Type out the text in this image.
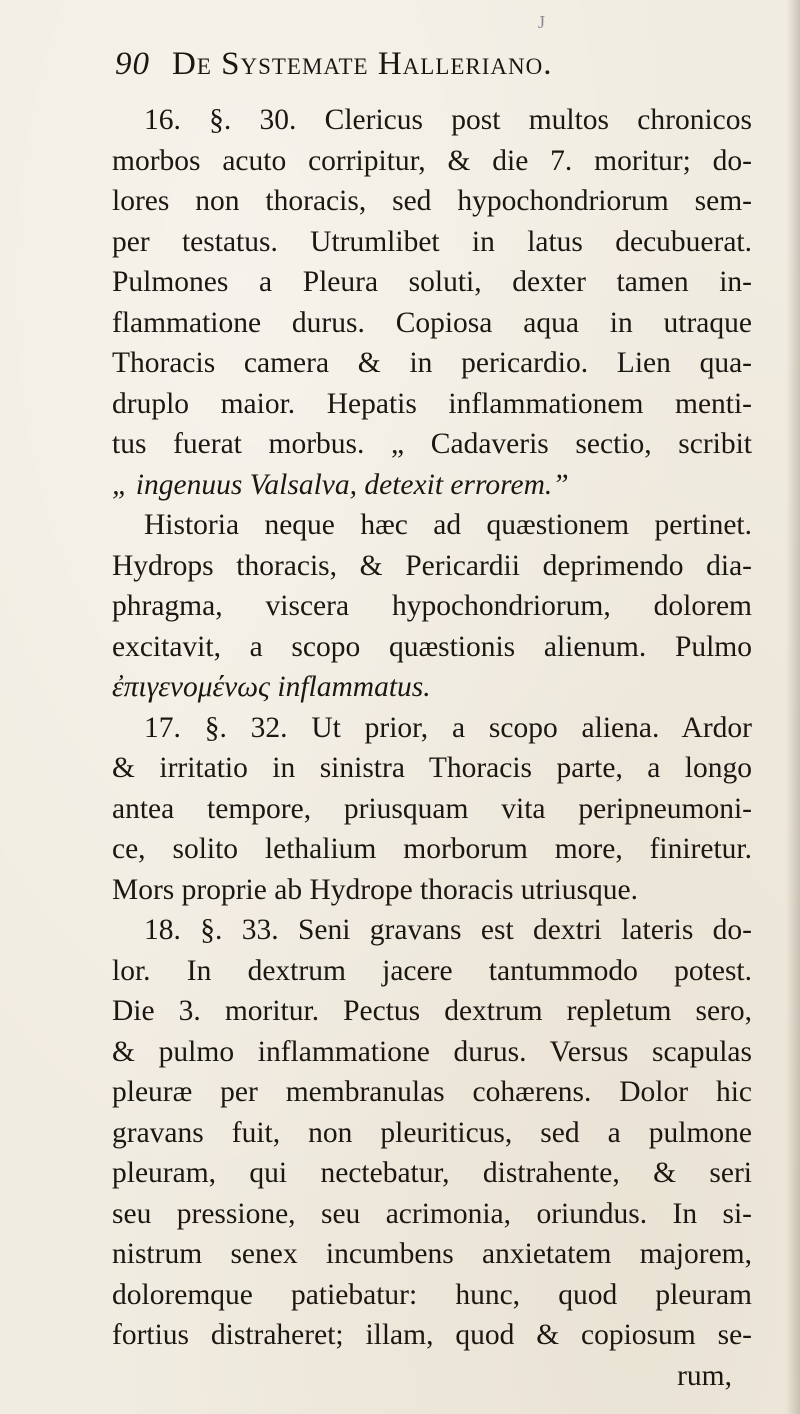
J
90 De Systemate Halleriano.
16. §. 30. Clericus post multos chronicos
morbos acuto corripitur, & die 7. moritur; do-
lores non thoracis, sed hypochondriorum sem-
per testatus. Utrumlibet in latus decubuerat.
Pulmones a Pleura soluti, dexter tamen in-
flammatione durus. Copiosa aqua in utraque
Thoracis camera & in pericardio. Lien qua-
druplo maior. Hepatis inflammationem menti-
tus fuerat morbus. „ Cadaveris sectio, scribit
„ ingenuus Valsalva, detexit errorem.”
Historia neque hæc ad quæstionem pertinet.
Hydrops thoracis, & Pericardii deprimendo dia-
phragma, viscera hypochondriorum, dolorem
excitavit, a scopo quæstionis alienum. Pulmo
ἐπιγενομένως inflammatus.
17. §. 32. Ut prior, a scopo aliena. Ardor
& irritatio in sinistra Thoracis parte, a longo
antea tempore, priusquam vita peripneumoni-
ce, solito lethalium morborum more, finiretur.
Mors proprie ab Hydrope thoracis utriusque.
18. §. 33. Seni gravans est dextri lateris do-
lor. In dextrum jacere tantummodo potest.
Die 3. moritur. Pectus dextrum repletum sero,
& pulmo inflammatione durus. Versus scapulas
pleuræ per membranulas cohærens. Dolor hic
gravans fuit, non pleuriticus, sed a pulmone
pleuram, qui nectebatur, distrahente, & seri
seu pressione, seu acrimonia, oriundus. In si-
nistrum senex incumbens anxietatem majorem,
doloremque patiebatur: hunc, quod pleuram
fortius distraheret; illam, quod & copiosum se-
rum,
